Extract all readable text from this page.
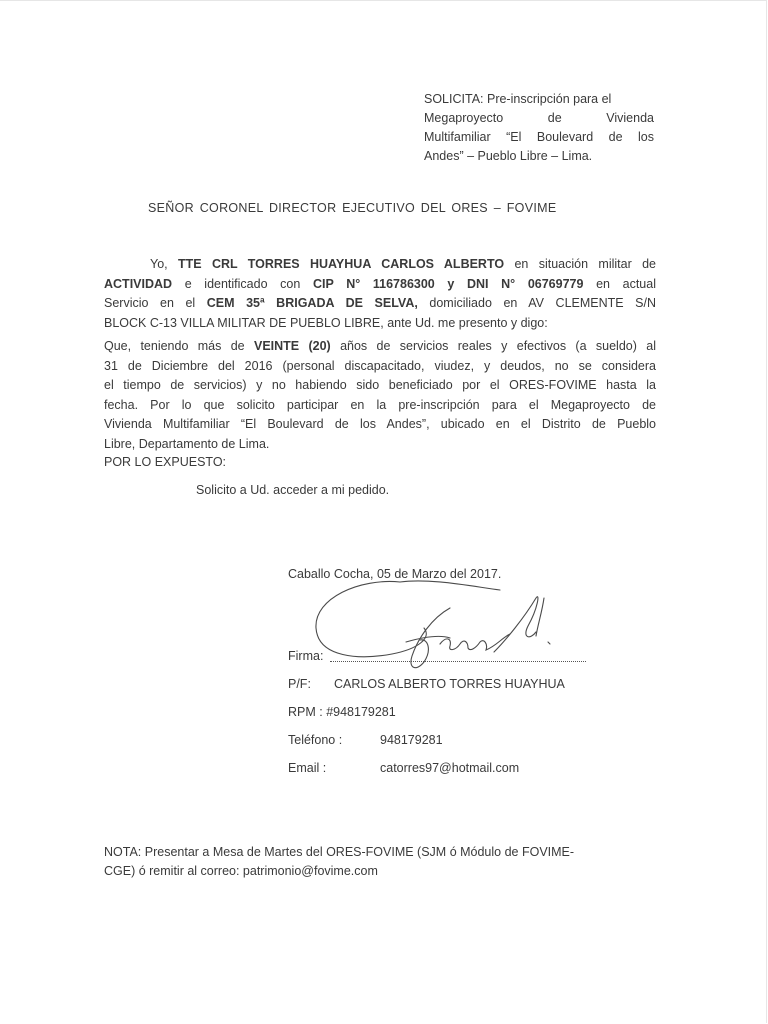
SOLICITA: Pre-inscripción para el
Megaproyecto de Vivienda
Multifamiliar “El Boulevard de los
Andes” – Pueblo Libre – Lima.
SEÑOR CORONEL DIRECTOR EJECUTIVO DEL ORES – FOVIME
Yo, TTE CRL TORRES HUAYHUA CARLOS ALBERTO en situación militar de
ACTIVIDAD e identificado con CIP N° 116786300 y DNI N° 06769779 en actual
Servicio en el CEM 35ª BRIGADA DE SELVA, domiciliado en AV CLEMENTE S/N
BLOCK C-13 VILLA MILITAR DE PUEBLO LIBRE, ante Ud. me presento y digo:
Que, teniendo más de VEINTE (20) años de servicios reales y efectivos (a sueldo) al
31 de Diciembre del 2016 (personal discapacitado, viudez, y deudos, no se considera
el tiempo de servicios) y no habiendo sido beneficiado por el ORES-FOVIME hasta la
fecha. Por lo que solicito participar en la pre-inscripción para el Megaproyecto de
Vivienda Multifamiliar “El Boulevard de los Andes”, ubicado en el Distrito de Pueblo
Libre, Departamento de Lima.
POR LO EXPUESTO:
Solicito a Ud. acceder a mi pedido.
Caballo Cocha, 05 de Marzo del 2017.
Firma:
P/F: CARLOS ALBERTO TORRES HUAYHUA
RPM : #948179281
Teléfono :	948179281
Email :	catorres97@hotmail.com
NOTA: Presentar a Mesa de Martes del ORES-FOVIME (SJM ó Módulo de FOVIME-
CGE) ó remitir al correo: patrimonio@fovime.com
